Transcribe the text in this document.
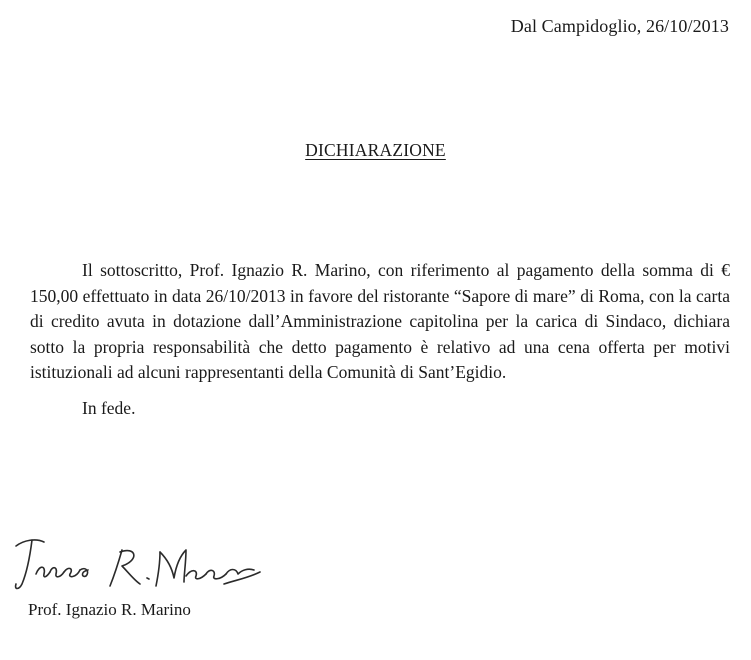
Dal Campidoglio, 26/10/2013
DICHIARAZIONE

Il sottoscritto, Prof. Ignazio R. Marino, con riferimento al pagamento della somma di € 150,00 effettuato in data 26/10/2013 in favore del ristorante “Sapore di mare” di Roma, con la carta di credito avuta in dotazione dall’Amministrazione capitolina per la carica di Sindaco, dichiara sotto la propria responsabilità che detto pagamento è relativo ad una cena offerta per motivi istituzionali ad alcuni rappresentanti della Comunità di Sant’Egidio.

In fede.
Prof. Ignazio R. Marino
